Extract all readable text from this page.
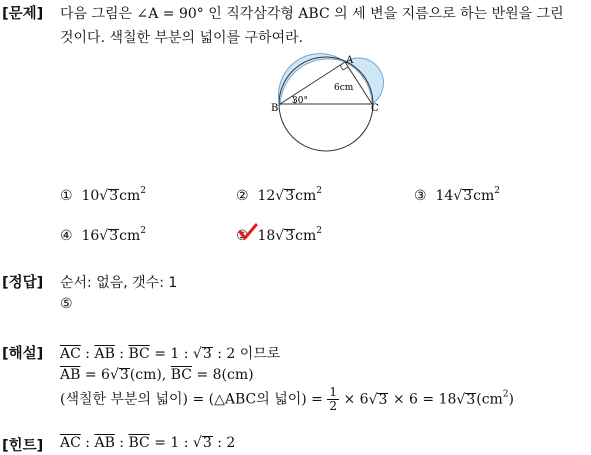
[문제] 다음 그림은 ∠A = 90° 인 직각삼각형 ABC 의 세 변을 지름으로 하는 반원을 그린
것이다. 색칠한 부분의 넓이를 구하여라.
A
B	C
6cm
30°
① $10√3cm^2$	② $12√3cm^2$	③ $14√3cm^2$
④ $16√3cm^2$	⑤ $18√3cm^2$
[정답] 순서: 없음, 갯수: 1
⑤
[해설] $\overline{AC}$ : $\overline{AB}$ : $\overline{BC} = 1$ : √3 : 2 이므로
$\overline{AB} = 6√3(cm)$, $\overline{BC} = 8(cm)$
(색칠한 부분의 넓이) = (△ABC의 넓이) = $\frac{1}{2} \times 6√3 \times 6 = 18√3(cm^2)$
[힌트] $\overline{AC}$ : $\overline{AB}$ : $\overline{BC} = 1$ : √3 : 2
